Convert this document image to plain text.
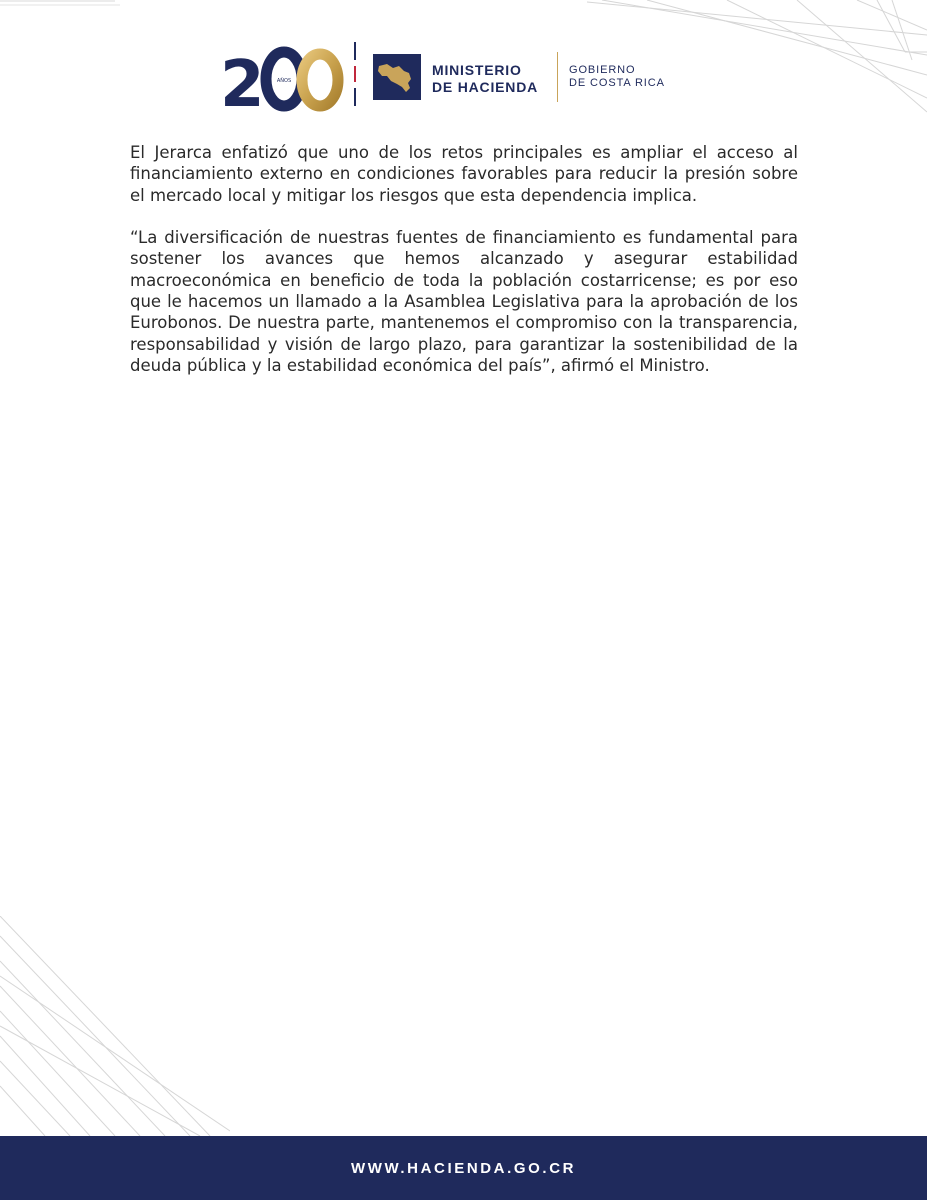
2 AÑOS
MINISTERIO
DE HACIENDA
GOBIERNO
DE COSTA RICA

El Jerarca enfatizó que uno de los retos principales es ampliar el acceso al financiamiento externo en condiciones favorables para reducir la presión sobre el mercado local y mitigar los riesgos que esta dependencia implica.

“La diversificación de nuestras fuentes de financiamiento es fundamental para sostener los avances que hemos alcanzado y asegurar estabilidad macroeconómica en beneficio de toda la población costarricense; es por eso que le hacemos un llamado a la Asamblea Legislativa para la aprobación de los Eurobonos. De nuestra parte, mantenemos el compromiso con la transparencia, responsabilidad y visión de largo plazo, para garantizar la sostenibilidad de la deuda pública y la estabilidad económica del país”, afirmó el Ministro.

WWW.HACIENDA.GO.CR
